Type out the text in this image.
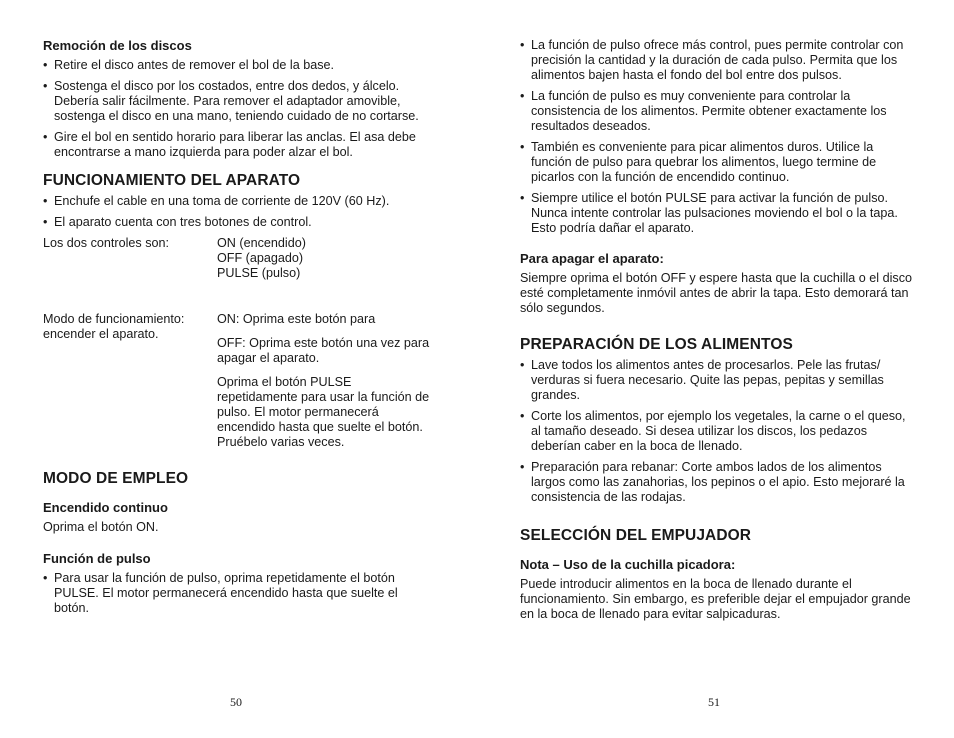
Remoción de los discos
• Retire el disco antes de remover el bol de la base.
• Sostenga el disco por los costados, entre dos dedos, y álcelo. Debería salir fácilmente. Para remover el adaptador amovible, sostenga el disco en una mano, teniendo cuidado de no cortarse.
• Gire el bol en sentido horario para liberar las anclas. El asa debe encontrarse a mano izquierda para poder alzar el bol.
FUNCIONAMIENTO DEL APARATO
• Enchufe el cable en una toma de corriente de 120V (60 Hz).
• El aparato cuenta con tres botones de control.
Los dos controles son:	ON (encendido)
OFF (apagado)
PULSE (pulso)
Modo de funcionamiento: encender el aparato.
ON: Oprima este botón para
OFF: Oprima este botón una vez para apagar el aparato.
Oprima el botón PULSE repetidamente para usar la función de pulso. El motor permanecerá encendido hasta que suelte el botón. Pruébelo varias veces.
MODO DE EMPLEO
Encendido continuo

Oprima el botón ON.

Función de pulso
• Para usar la función de pulso, oprima repetidamente el botón PULSE. El motor permanecerá encendido hasta que suelte el botón.
• La función de pulso ofrece más control, pues permite controlar con precisión la cantidad y la duración de cada pulso. Permita que los alimentos bajen hasta el fondo del bol entre dos pulsos.
• La función de pulso es muy conveniente para controlar la consistencia de los alimentos. Permite obtener exactamente los resultados deseados.
• También es conveniente para picar alimentos duros. Utilice la función de pulso para quebrar los alimentos, luego termine de picarlos con la función de encendido continuo.
• Siempre utilice el botón PULSE para activar la función de pulso. Nunca intente controlar las pulsaciones moviendo el bol o la tapa. Esto podría dañar el aparato.
Para apagar el aparato:

Siempre oprima el botón OFF y espere hasta que la cuchilla o el disco esté completamente inmóvil antes de abrir la tapa. Esto demorará tan sólo segundos.

PREPARACIÓN DE LOS ALIMENTOS
• Lave todos los alimentos antes de procesarlos. Pele las frutas/ verduras si fuera necesario. Quite las pepas, pepitas y semillas grandes.
• Corte los alimentos, por ejemplo los vegetales, la carne o el queso, al tamaño deseado. Si desea utilizar los discos, los pedazos deberían caber en la boca de llenado.
• Preparación para rebanar: Corte ambos lados de los alimentos largos como las zanahorias, los pepinos o el apio. Esto mejoraré la consistencia de las rodajas.
SELECCIÓN DEL EMPUJADOR
Nota – Uso de la cuchilla picadora:

Puede introducir alimentos en la boca de llenado durante el funcionamiento. Sin embargo, es preferible dejar el empujador grande en la boca de llenado para evitar salpicaduras.

50	51
